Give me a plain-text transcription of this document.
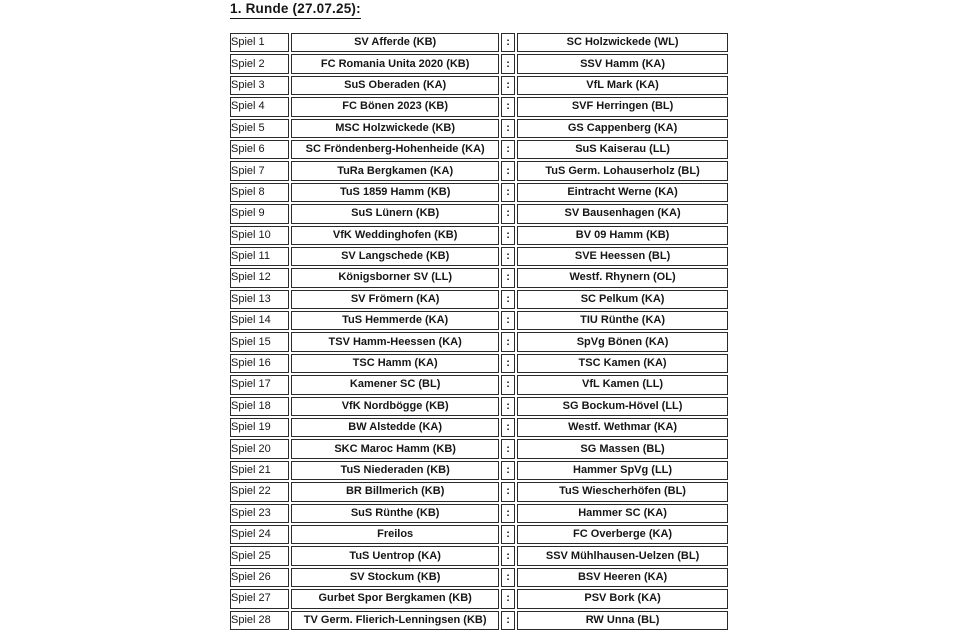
1. Runde (27.07.25):
Spiel 1	SV Afferde (KB)	:	SC Holzwickede (WL)
Spiel 2	FC Romania Unita 2020 (KB)	:	SSV Hamm (KA)
Spiel 3	SuS Oberaden (KA)	:	VfL Mark (KA)
Spiel 4	FC Bönen 2023 (KB)	:	SVF Herringen (BL)
Spiel 5	MSC Holzwickede (KB)	:	GS Cappenberg (KA)
Spiel 6	SC Fröndenberg-Hohenheide (KA)	:	SuS Kaiserau (LL)
Spiel 7	TuRa Bergkamen (KA)	:	TuS Germ. Lohauserholz (BL)
Spiel 8	TuS 1859 Hamm (KB)	:	Eintracht Werne (KA)
Spiel 9	SuS Lünern (KB)	:	SV Bausenhagen (KA)
Spiel 10	VfK Weddinghofen (KB)	:	BV 09 Hamm (KB)
Spiel 11	SV Langschede (KB)	:	SVE Heessen (BL)
Spiel 12	Königsborner SV (LL)	:	Westf. Rhynern (OL)
Spiel 13	SV Frömern (KA)	:	SC Pelkum (KA)
Spiel 14	TuS Hemmerde (KA)	:	TIU Rünthe (KA)
Spiel 15	TSV Hamm-Heessen (KA)	:	SpVg Bönen (KA)
Spiel 16	TSC Hamm (KA)	:	TSC Kamen (KA)
Spiel 17	Kamener SC (BL)	:	VfL Kamen (LL)
Spiel 18	VfK Nordbögge (KB)	:	SG Bockum-Hövel (LL)
Spiel 19	BW Alstedde (KA)	:	Westf. Wethmar (KA)
Spiel 20	SKC Maroc Hamm (KB)	:	SG Massen (BL)
Spiel 21	TuS Niederaden (KB)	:	Hammer SpVg (LL)
Spiel 22	BR Billmerich (KB)	:	TuS Wiescherhöfen (BL)
Spiel 23	SuS Rünthe (KB)	:	Hammer SC (KA)
Spiel 24	Freilos	:	FC Overberge (KA)
Spiel 25	TuS Uentrop (KA)	:	SSV Mühlhausen-Uelzen (BL)
Spiel 26	SV Stockum (KB)	:	BSV Heeren (KA)
Spiel 27	Gurbet Spor Bergkamen (KB)	:	PSV Bork (KA)
Spiel 28	TV Germ. Flierich-Lenningsen (KB)	:	RW Unna (BL)
